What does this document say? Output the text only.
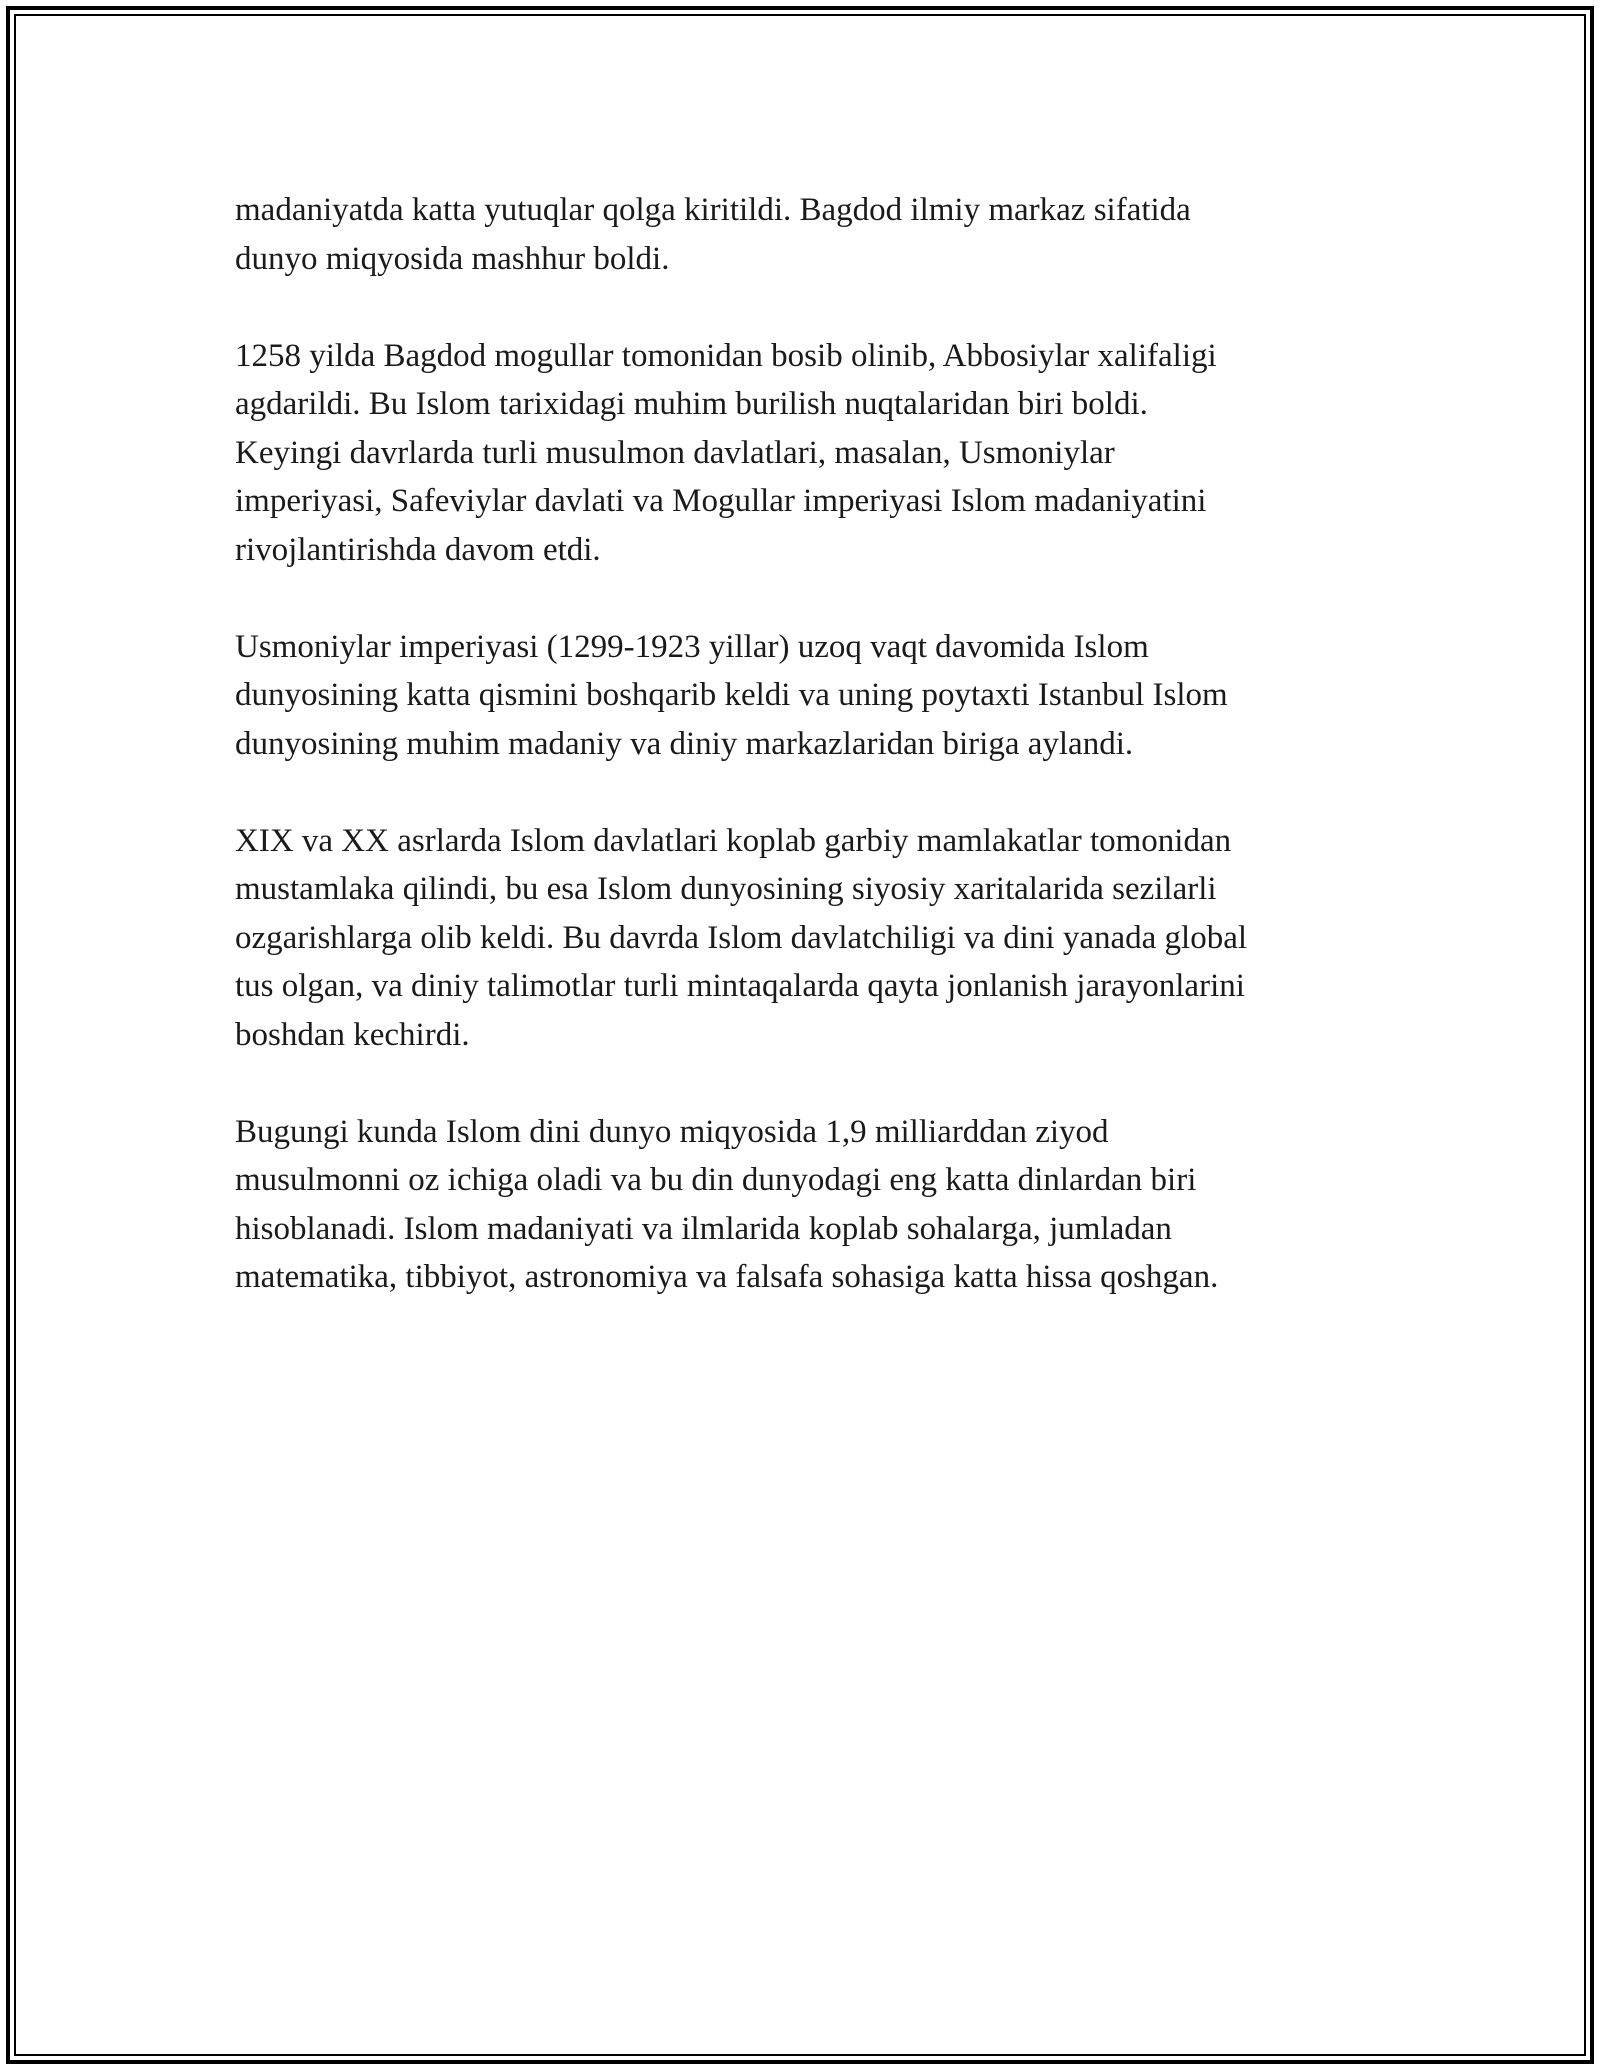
madaniyatda katta yutuqlar qolga kiritildi. Bagdod ilmiy markaz sifatida
dunyo miqyosida mashhur boldi.

1258 yilda Bagdod mogullar tomonidan bosib olinib, Abbosiylar xalifaligi
agdarildi. Bu Islom tarixidagi muhim burilish nuqtalaridan biri boldi.
Keyingi davrlarda turli musulmon davlatlari, masalan, Usmoniylar
imperiyasi, Safeviylar davlati va Mogullar imperiyasi Islom madaniyatini
rivojlantirishda davom etdi.

Usmoniylar imperiyasi (1299-1923 yillar) uzoq vaqt davomida Islom
dunyosining katta qismini boshqarib keldi va uning poytaxti Istanbul Islom
dunyosining muhim madaniy va diniy markazlaridan biriga aylandi.

XIX va XX asrlarda Islom davlatlari koplab garbiy mamlakatlar tomonidan
mustamlaka qilindi, bu esa Islom dunyosining siyosiy xaritalarida sezilarli
ozgarishlarga olib keldi. Bu davrda Islom davlatchiligi va dini yanada global
tus olgan, va diniy talimotlar turli mintaqalarda qayta jonlanish jarayonlarini
boshdan kechirdi.

Bugungi kunda Islom dini dunyo miqyosida 1,9 milliarddan ziyod
musulmonni oz ichiga oladi va bu din dunyodagi eng katta dinlardan biri
hisoblanadi. Islom madaniyati va ilmlarida koplab sohalarga, jumladan
matematika, tibbiyot, astronomiya va falsafa sohasiga katta hissa qoshgan.
